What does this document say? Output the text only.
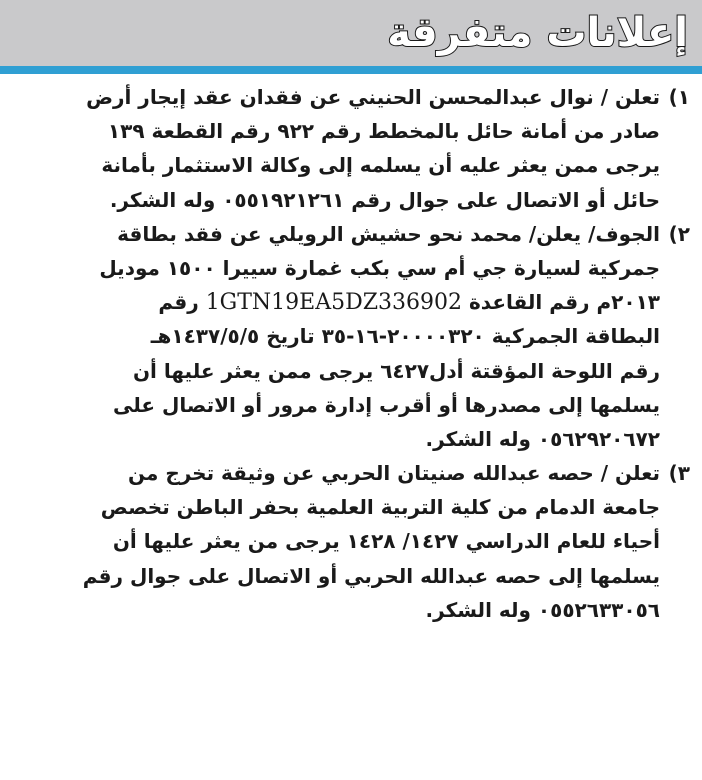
إعلانات متفرقة
١)تعلن / نوال عبدالمحسن الحنيني عن فقدان عقد إيجار أرض
صادر من أمانة حائل بالمخطط رقم ٩٢٢ رقم القطعة ١٣٩
يرجى ممن يعثر عليه أن يسلمه إلى وكالة الاستثمار بأمانة
حائل أو الاتصال على جوال رقم ٠٥٥١٩٢١٢٦١ وله الشكر.
٢)الجوف/ يعلن/ محمد نحو حشيش الرويلي عن فقد بطاقة
جمركية لسيارة جي أم سي بكب غمارة سييرا ١٥٠٠ موديل
٢٠١٣م رقم القاعدة 1GTN19EA5DZ336902 رقم
البطاقة الجمركية ٢٠٠٠٠٣٢٠-١٦-٣٥ تاريخ ١٤٣٧/٥/٥هـ
رقم اللوحة المؤقتة أدل٦٤٢٧ يرجى ممن يعثر عليها أن
يسلمها إلى مصدرها أو أقرب إدارة مرور أو الاتصال على
٠٥٦٢٩٢٠٦٧٢ وله الشكر.
٣)تعلن / حصه عبدالله صنيتان الحربي عن وثيقة تخرج من
جامعة الدمام من كلية التربية العلمية بحفر الباطن تخصص
أحياء للعام الدراسي ١٤٢٧/ ١٤٢٨ يرجى من يعثر عليها أن
يسلمها إلى حصه عبدالله الحربي أو الاتصال على جوال رقم
٠٥٥٢٦٣٣٠٥٦ وله الشكر.
